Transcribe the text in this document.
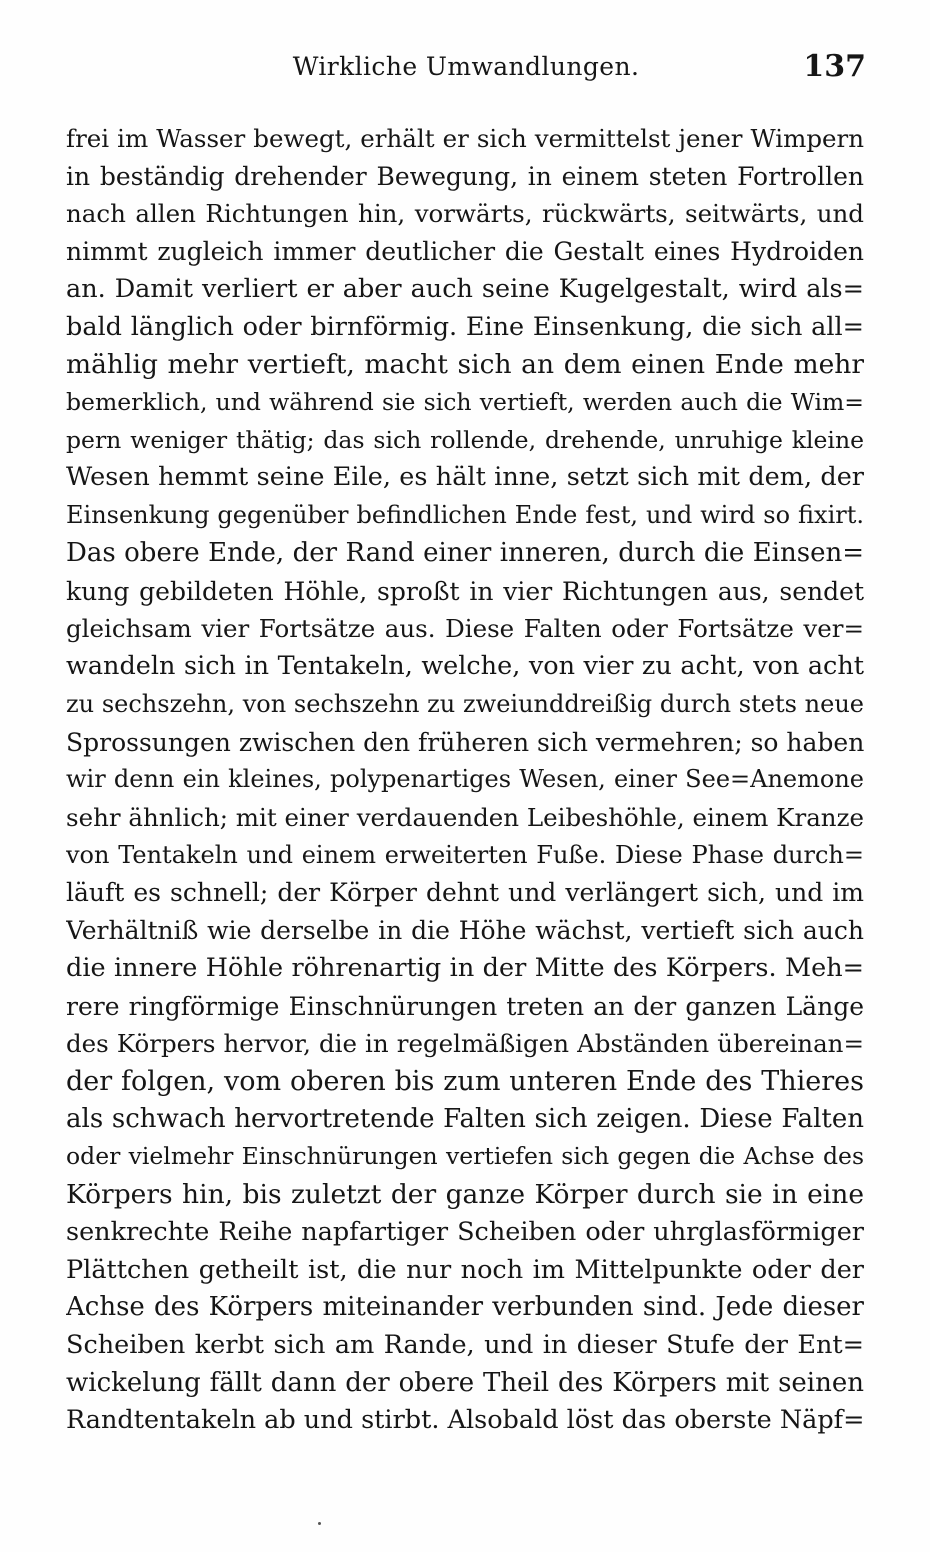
Wirkliche Umwandlungen.	137
frei im Wasser bewegt, erhält er sich vermittelst jener Wimpern
in beständig drehender Bewegung, in einem steten Fortrollen
nach allen Richtungen hin, vorwärts, rückwärts, seitwärts, und
nimmt zugleich immer deutlicher die Gestalt eines Hydroiden
an. Damit verliert er aber auch seine Kugelgestalt, wird als=
bald länglich oder birnförmig. Eine Einsenkung, die sich all=
mählig mehr vertieft, macht sich an dem einen Ende mehr
bemerklich, und während sie sich vertieft, werden auch die Wim=
pern weniger thätig; das sich rollende, drehende, unruhige kleine
Wesen hemmt seine Eile, es hält inne, setzt sich mit dem, der
Einsenkung gegenüber befindlichen Ende fest, und wird so fixirt.
Das obere Ende, der Rand einer inneren, durch die Einsen=
kung gebildeten Höhle, sproßt in vier Richtungen aus, sendet
gleichsam vier Fortsätze aus. Diese Falten oder Fortsätze ver=
wandeln sich in Tentakeln, welche, von vier zu acht, von acht
zu sechszehn, von sechszehn zu zweiunddreißig durch stets neue
Sprossungen zwischen den früheren sich vermehren; so haben
wir denn ein kleines, polypenartiges Wesen, einer See=Anemone
sehr ähnlich; mit einer verdauenden Leibeshöhle, einem Kranze
von Tentakeln und einem erweiterten Fuße. Diese Phase durch=
läuft es schnell; der Körper dehnt und verlängert sich, und im
Verhältniß wie derselbe in die Höhe wächst, vertieft sich auch
die innere Höhle röhrenartig in der Mitte des Körpers. Meh=
rere ringförmige Einschnürungen treten an der ganzen Länge
des Körpers hervor, die in regelmäßigen Abständen übereinan=
der folgen, vom oberen bis zum unteren Ende des Thieres
als schwach hervortretende Falten sich zeigen. Diese Falten
oder vielmehr Einschnürungen vertiefen sich gegen die Achse des
Körpers hin, bis zuletzt der ganze Körper durch sie in eine
senkrechte Reihe napfartiger Scheiben oder uhrglasförmiger
Plättchen getheilt ist, die nur noch im Mittelpunkte oder der
Achse des Körpers miteinander verbunden sind. Jede dieser
Scheiben kerbt sich am Rande, und in dieser Stufe der Ent=
wickelung fällt dann der obere Theil des Körpers mit seinen
Randtentakeln ab und stirbt. Alsobald löst das oberste Näpf=
